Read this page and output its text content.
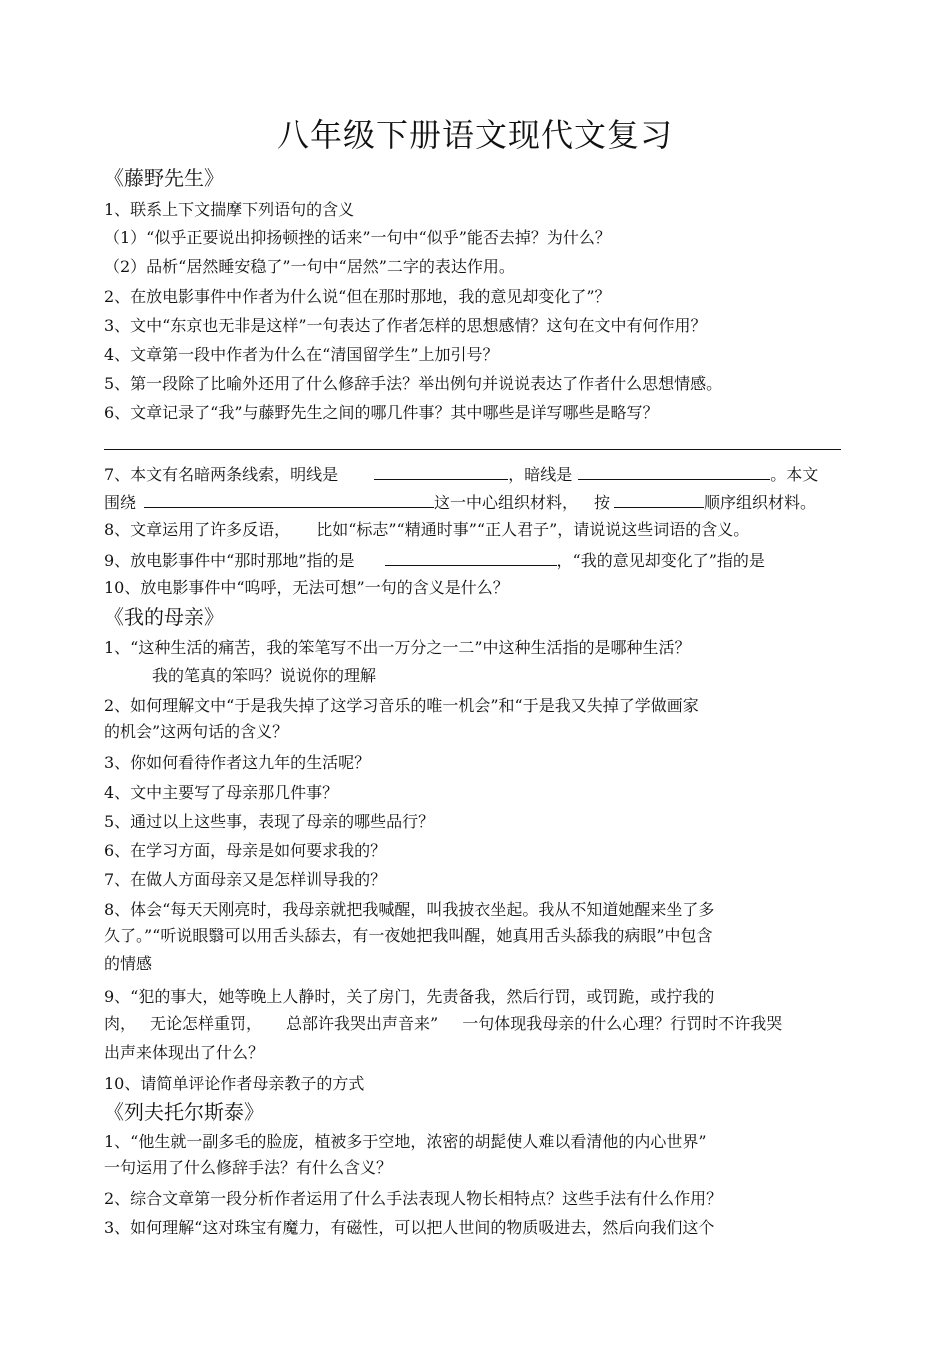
八年级下册语文现代文复习
《藤野先生》
1、联系上下文揣摩下列语句的含义
（1）“似乎正要说出抑扬顿挫的话来”一句中“似乎”能否去掉？为什么？
（2）品析“居然睡安稳了”一句中“居然”二字的表达作用。
2、在放电影事件中作者为什么说“但在那时那地，我的意见却变化了”？
3、文中“东京也无非是这样”一句表达了作者怎样的思想感情？这句在文中有何作用？
4、文章第一段中作者为什么在“清国留学生”上加引号？
5、第一段除了比喻外还用了什么修辞手法？举出例句并说说表达了作者什么思想情感。
6、文章记录了“我”与藤野先生之间的哪几件事？其中哪些是详写哪些是略写？
7、本文有名暗两条线索，明线是	，暗线是	。本文
围绕	这一中心组织材料， 按	顺序组织材料。
8、文章运用了许多反语， 比如“标志”“精通时事”“正人君子”，请说说这些词语的含义。
9、放电影事件中“那时那地”指的是	，“我的意见却变化了”指的是
10、放电影事件中“呜呼，无法可想”一句的含义是什么？
《我的母亲》
1、“这种生活的痛苦，我的笨笔写不出一万分之一二”中这种生活指的是哪种生活？
我的笔真的笨吗？说说你的理解
2、如何理解文中“于是我失掉了这学习音乐的唯一机会”和“于是我又失掉了学做画家
的机会”这两句话的含义？
3、你如何看待作者这九年的生活呢？
4、文中主要写了母亲那几件事？
5、通过以上这些事，表现了母亲的哪些品行？
6、在学习方面，母亲是如何要求我的？
7、在做人方面母亲又是怎样训导我的？
8、体会“每天天刚亮时，我母亲就把我喊醒，叫我披衣坐起。我从不知道她醒来坐了多
久了。”“听说眼翳可以用舌头舔去，有一夜她把我叫醒，她真用舌头舔我的病眼”中包含
的情感
9、“犯的事大，她等晚上人静时，关了房门，先责备我，然后行罚，或罚跪，或拧我的
肉， 无论怎样重罚， 总部许我哭出声音来” 一句体现我母亲的什么心理？行罚时不许我哭
出声来体现出了什么？
10、请简单评论作者母亲教子的方式
《列夫托尔斯泰》
1、“他生就一副多毛的脸庞，植被多于空地，浓密的胡髭使人难以看清他的内心世界”
一句运用了什么修辞手法？有什么含义？
2、综合文章第一段分析作者运用了什么手法表现人物长相特点？这些手法有什么作用？
3、如何理解“这对珠宝有魔力，有磁性，可以把人世间的物质吸进去，然后向我们这个
